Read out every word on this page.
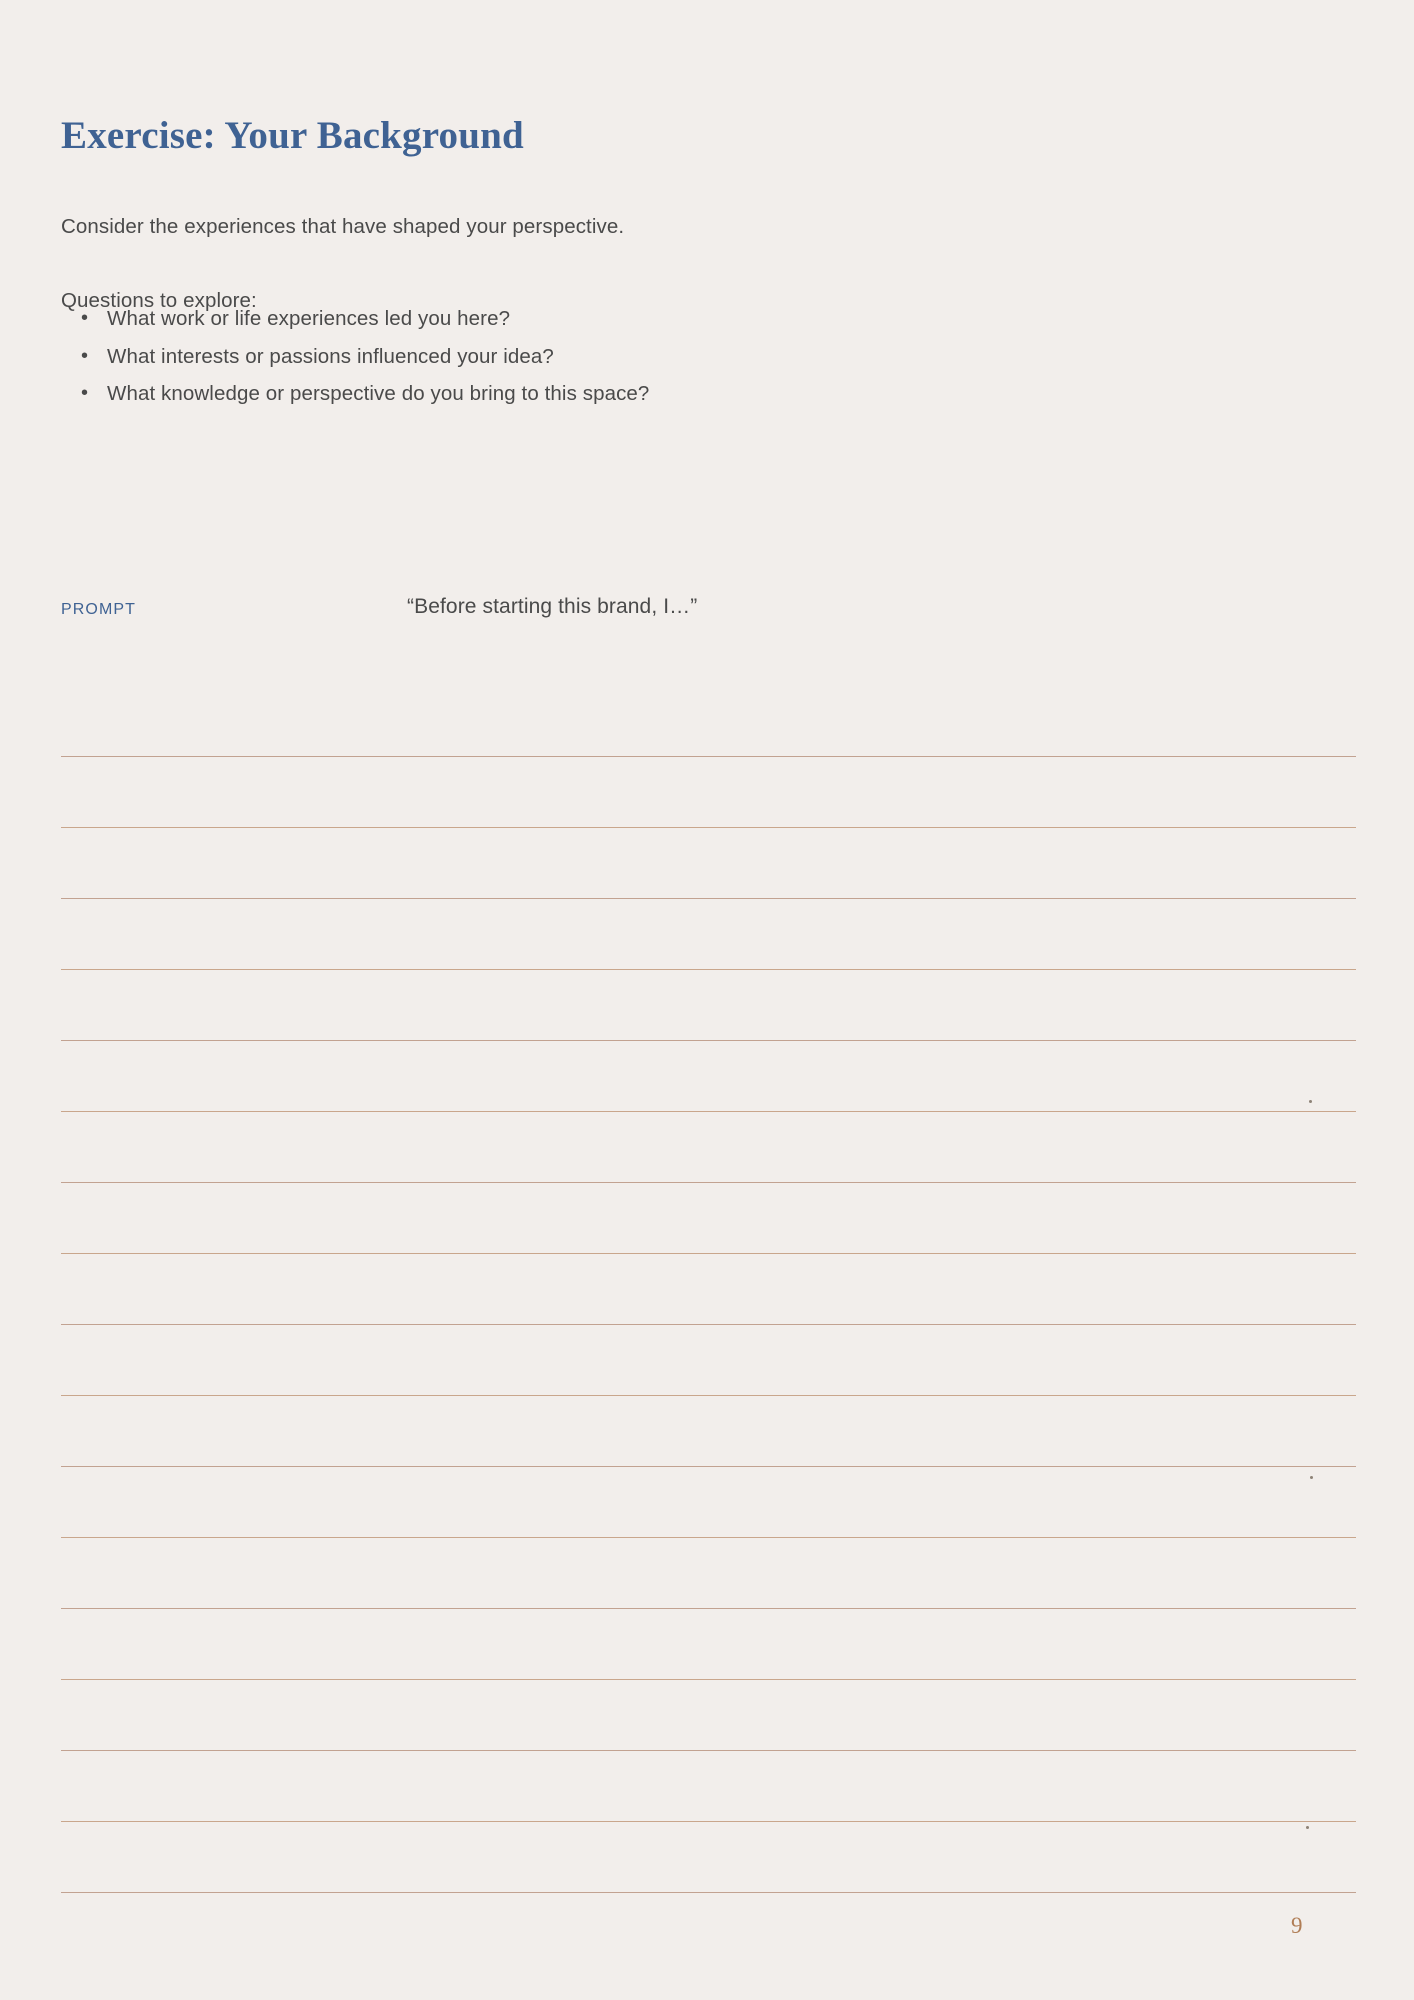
Exercise: Your Background

Consider the experiences that have shaped your perspective.

Questions to explore:

• What work or life experiences led you here?
• What interests or passions influenced your idea?
• What knowledge or perspective do you bring to this space?
PROMPT	“Before starting this brand, I…”
9
